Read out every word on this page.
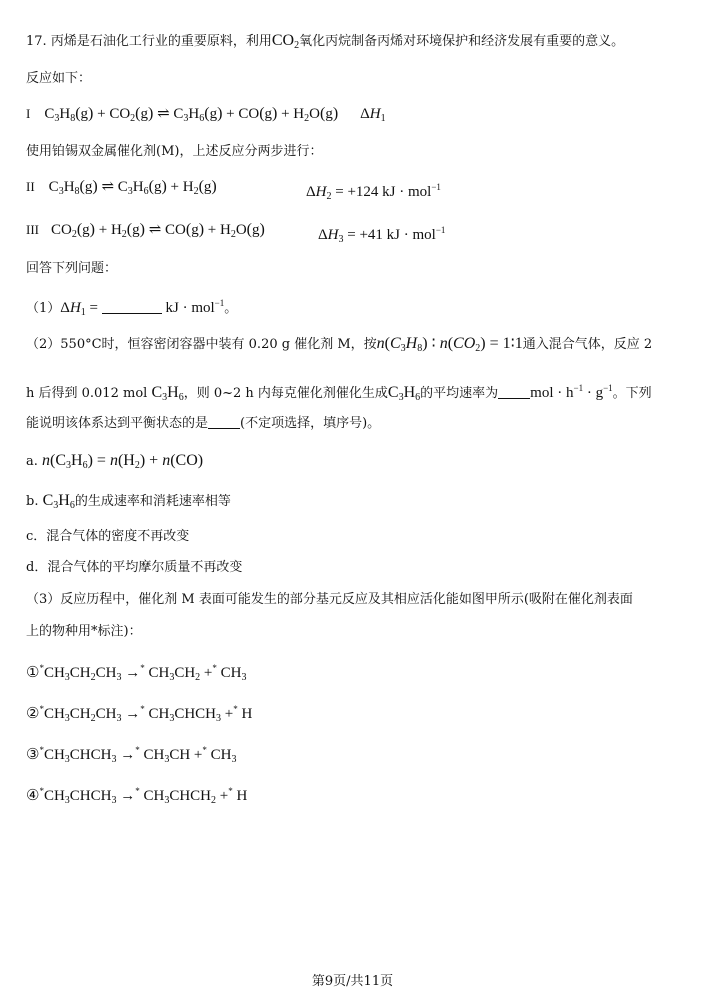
17. 丙烯是石油化工行业的重要原料，利用$CO_2$氧化丙烷制备丙烯对环境保护和经济发展有重要的意义。
反应如下：
I $C_3H_8(g) + CO_2(g)$ ⇌ $C_3H_6(g) + CO(g) + H_2O(g)$ $\Delta H_1$
使用铂锡双金属催化剂(M)，上述反应分两步进行：
II $C_3H_8(g)$ ⇌ $C_3H_6(g) + H_2(g)$	$\Delta H_2 = +124$ kJ · mol$^{-1}$
III $CO_2(g) + H_2(g)$ ⇌ $CO(g) + H_2O(g)$	$\Delta H_3 = +41$ kJ · mol$^{-1}$
回答下列问题：
$(1)\Delta H_1$ =	kJ · mol$^{-1}$。
（2）550°C时，恒容密闭容器中装有 0.20 g 催化剂 M，按$n(C_3H_8)$ ∶ $n(CO_2)$ = 1∶1通入混合气体，反应 2
h 后得到 0.012 mol $C_3H_6$，则 0~2 h 内每克催化剂催化生成$C_3H_6$的平均速率为 mol · $h^{-1} \cdot g^{-1}$。下列
能说明该体系达到平衡状态的是 (不定项选择，填序号)。
a. $n(C_3H_6) = n(H_2) + n(CO)$
b. $C_3H_6$的生成速率和消耗速率相等
c．混合气体的密度不再改变
d．混合气体的平均摩尔质量不再改变
（3）反应历程中，催化剂 M 表面可能发生的部分基元反应及其相应活化能如图甲所示(吸附在催化剂表面
上的物种用*标注)：
$①^*CH_3CH_2CH_3 \to^*$ $CH_3CH_2 +^*$ $CH_3$
$②^*CH_3CH_2CH_3 \to^*$ $CH_3CHCH_3 +^*$ H
$③^*CH_3CHCH_3 \to^*$ $CH_3CH +^*$ $CH_3$
$④^*CH_3CHCH_3 \to^*$ $CH_3CHCH_2 +^*$ H
第9页/共11页
